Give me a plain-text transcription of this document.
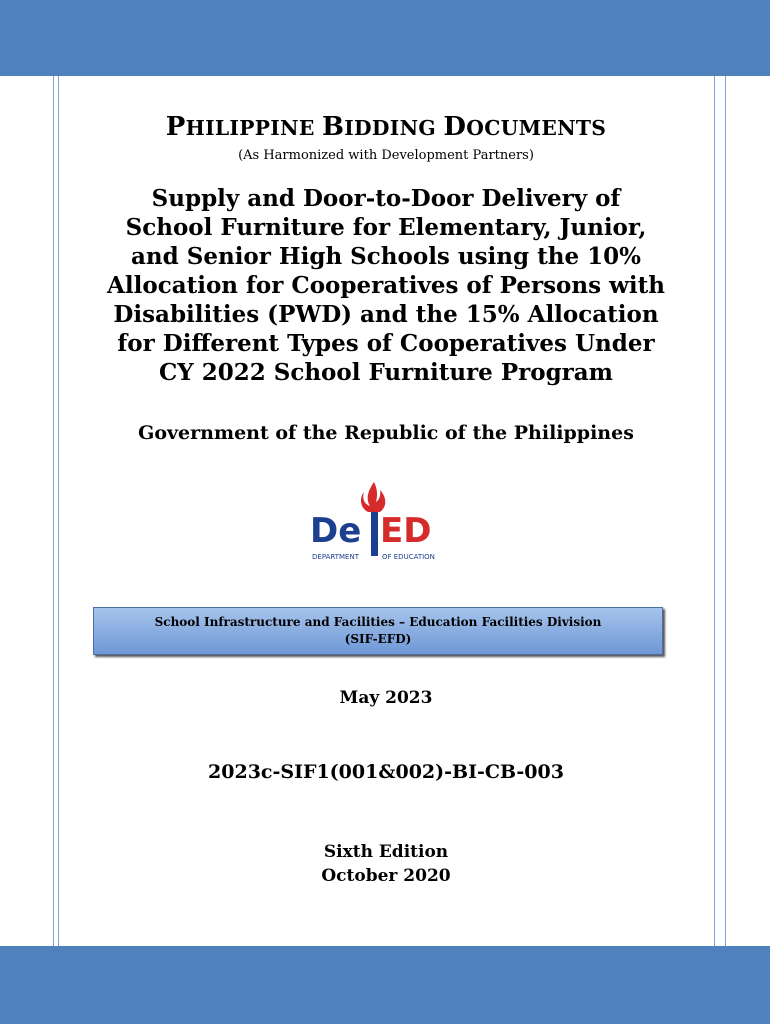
PHILIPPINE BIDDING DOCUMENTS
(As Harmonized with Development Partners)
Supply and Door-to-Door Delivery of
School Furniture for Elementary, Junior,
and Senior High Schools using the 10%
Allocation for Cooperatives of Persons with
Disabilities (PWD) and the 15% Allocation
for Different Types of Cooperatives Under
CY 2022 School Furniture Program
Government of the Republic of the Philippines
De ED
DEPARTMENT	OF EDUCATION
School Infrastructure and Facilities – Education Facilities Division
(SIF-EFD)
May 2023
2023c-SIF1(001&002)-BI-CB-003
Sixth Edition
October 2020
